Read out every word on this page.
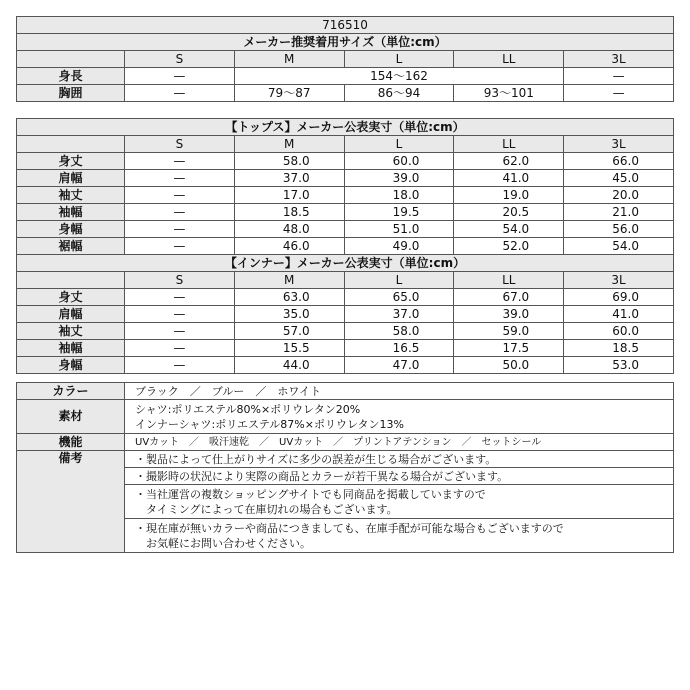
716510					
メーカー推奨着用サイズ（単位:cm）					
	S	M	L	LL	3L
身長	—	154〜162			—
胸囲	—	79〜87	86〜94	93〜101	—
【トップス】メーカー公表実寸（単位:cm）					
	S	M	L	LL	3L
身丈	—	58.0	60.0	62.0	66.0
肩幅	—	37.0	39.0	41.0	45.0
袖丈	—	17.0	18.0	19.0	20.0
袖幅	—	18.5	19.5	20.5	21.0
身幅	—	48.0	51.0	54.0	56.0
裾幅	—	46.0	49.0	52.0	54.0
【インナー】メーカー公表実寸（単位:cm）					
	S	M	L	LL	3L
身丈	—	63.0	65.0	67.0	69.0
肩幅	—	35.0	37.0	39.0	41.0
袖丈	—	57.0	58.0	59.0	60.0
袖幅	—	15.5	16.5	17.5	18.5
身幅	—	44.0	47.0	50.0	53.0
カラー	ブラック　／　ブルー　／　ホワイト
素材	シャツ:ポリエステル80%×ポリウレタン20%
インナーシャツ:ポリエステル87%×ポリウレタン13%
機能	UVカット　／　吸汗速乾　／　UVカット　／　プリントアテンション　／　セットシール
備考	・製品によって仕上がりサイズに多少の誤差が生じる場合がございます。
	・撮影時の状況により実際の商品とカラーが若干異なる場合がございます。
	・当社運営の複数ショッピングサイトでも同商品を掲載していますので
　タイミングによって在庫切れの場合もございます。
	・現在庫が無いカラーや商品につきましても、在庫手配が可能な場合もございますので
　お気軽にお問い合わせください。
